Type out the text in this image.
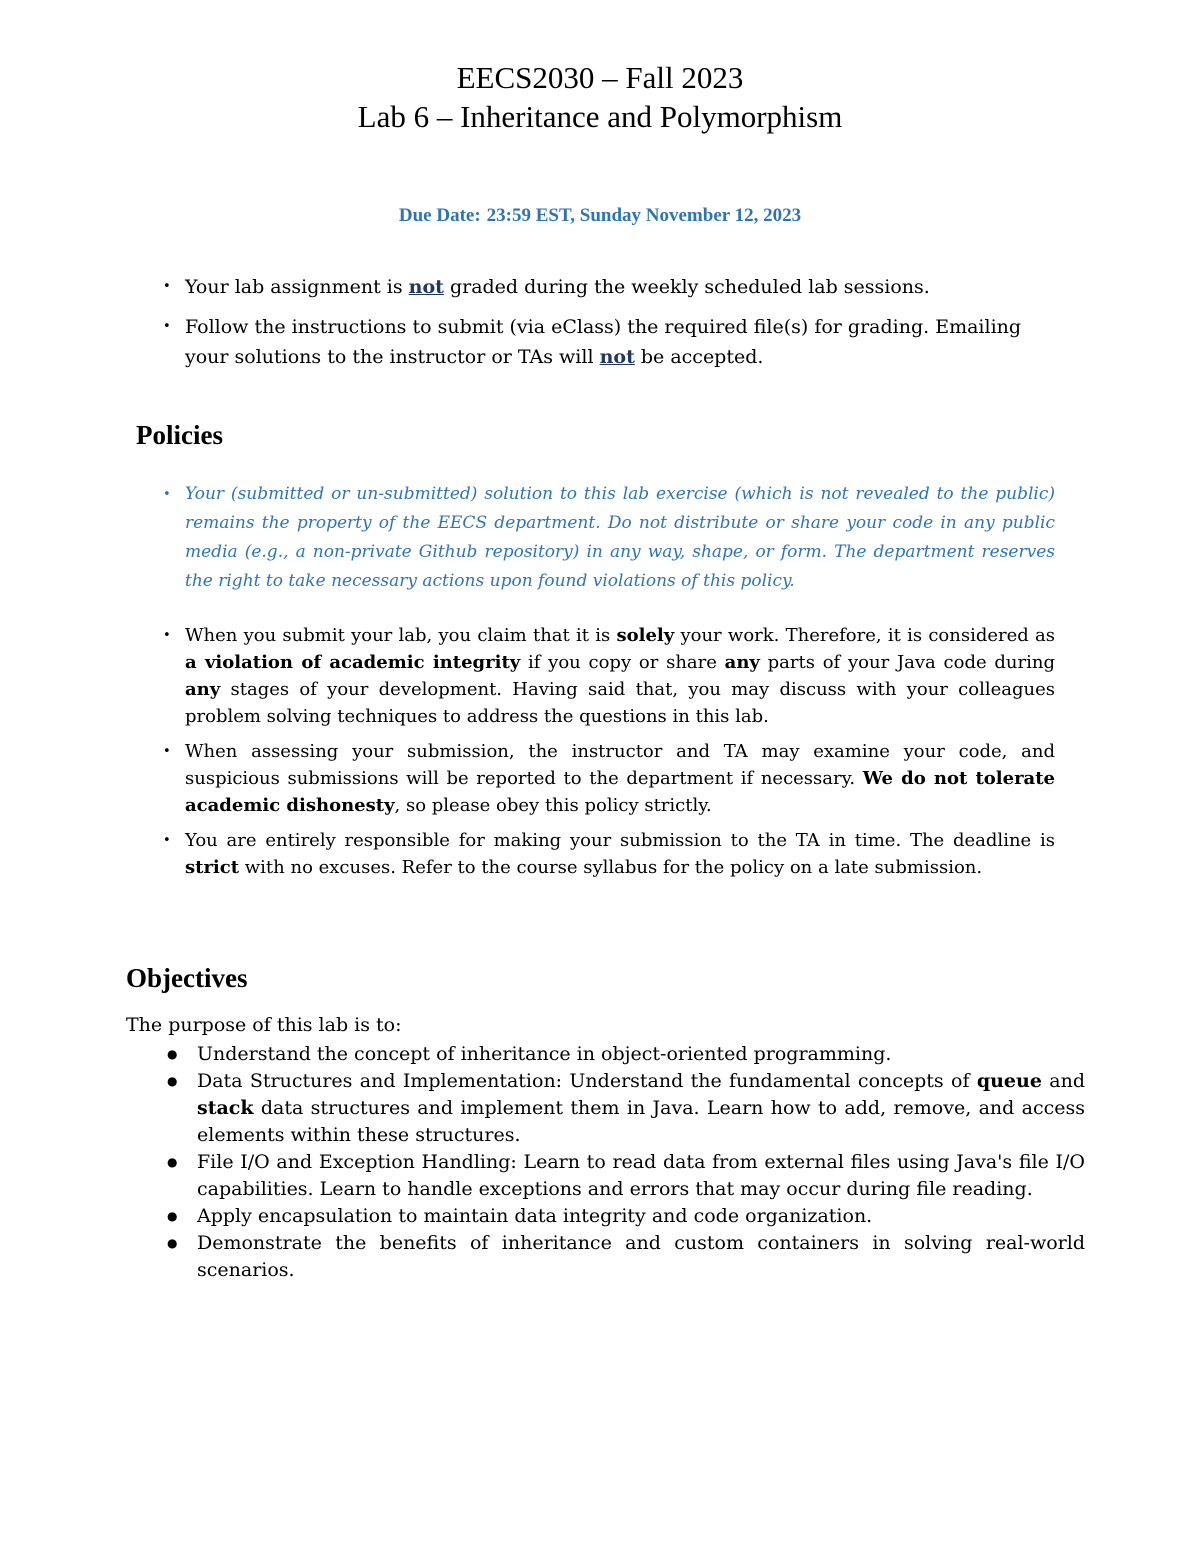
EECS2030 – Fall 2023
Lab 6 – Inheritance and Polymorphism
Due Date: 23:59 EST, Sunday November 12, 2023
• Your lab assignment is not graded during the weekly scheduled lab sessions.
• Follow the instructions to submit (via eClass) the required file(s) for grading. Emailing your solutions to the instructor or TAs will not be accepted.
Policies
• Your (submitted or un-submitted) solution to this lab exercise (which is not revealed to the public) remains the property of the EECS department. Do not distribute or share your code in any public media (e.g., a non-private Github repository) in any way, shape, or form. The department reserves the right to take necessary actions upon found violations of this policy.
• When you submit your lab, you claim that it is solely your work. Therefore, it is considered as a violation of academic integrity if you copy or share any parts of your Java code during any stages of your development. Having said that, you may discuss with your colleagues problem solving techniques to address the questions in this lab.
• When assessing your submission, the instructor and TA may examine your code, and suspicious submissions will be reported to the department if necessary. We do not tolerate academic dishonesty, so please obey this policy strictly.
• You are entirely responsible for making your submission to the TA in time. The deadline is strict with no excuses. Refer to the course syllabus for the policy on a late submission.
Objectives
The purpose of this lab is to:
● Understand the concept of inheritance in object-oriented programming.
● Data Structures and Implementation: Understand the fundamental concepts of queue and stack data structures and implement them in Java. Learn how to add, remove, and access elements within these structures.
● File I/O and Exception Handling: Learn to read data from external files using Java's file I/O capabilities. Learn to handle exceptions and errors that may occur during file reading.
● Apply encapsulation to maintain data integrity and code organization.
● Demonstrate the benefits of inheritance and custom containers in solving real-world scenarios.
